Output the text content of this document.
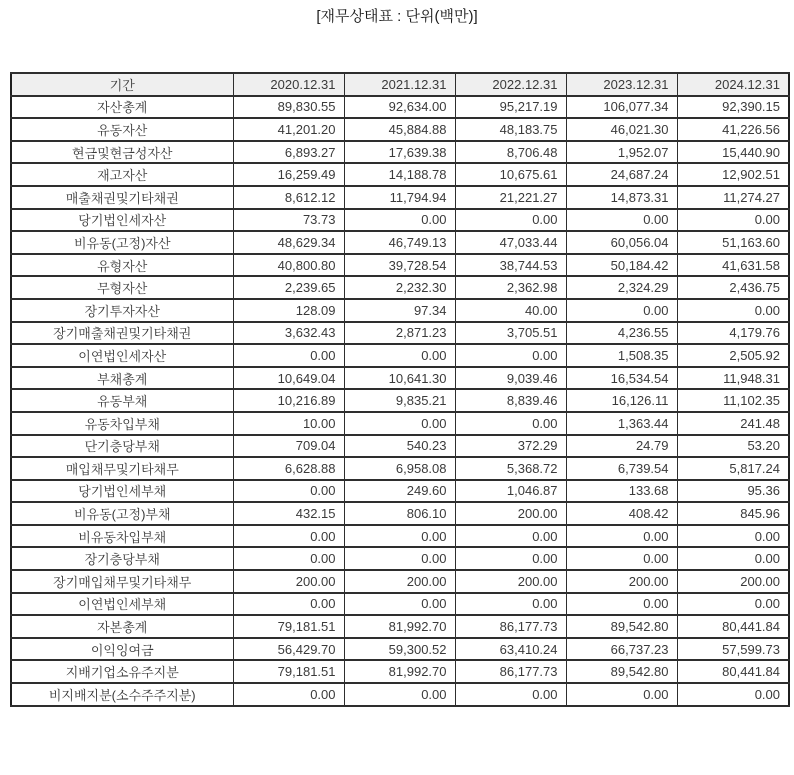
[재무상태표 : 단위(백만)]
기간	2020.12.31	2021.12.31	2022.12.31	2023.12.31	2024.12.31
자산총계	89,830.55	92,634.00	95,217.19	106,077.34	92,390.15
유동자산	41,201.20	45,884.88	48,183.75	46,021.30	41,226.56
현금및현금성자산	6,893.27	17,639.38	8,706.48	1,952.07	15,440.90
재고자산	16,259.49	14,188.78	10,675.61	24,687.24	12,902.51
매출채권및기타채권	8,612.12	11,794.94	21,221.27	14,873.31	11,274.27
당기법인세자산	73.73	0.00	0.00	0.00	0.00
비유동(고정)자산	48,629.34	46,749.13	47,033.44	60,056.04	51,163.60
유형자산	40,800.80	39,728.54	38,744.53	50,184.42	41,631.58
무형자산	2,239.65	2,232.30	2,362.98	2,324.29	2,436.75
장기투자자산	128.09	97.34	40.00	0.00	0.00
장기매출채권및기타채권	3,632.43	2,871.23	3,705.51	4,236.55	4,179.76
이연법인세자산	0.00	0.00	0.00	1,508.35	2,505.92
부채총계	10,649.04	10,641.30	9,039.46	16,534.54	11,948.31
유동부채	10,216.89	9,835.21	8,839.46	16,126.11	11,102.35
유동차입부채	10.00	0.00	0.00	1,363.44	241.48
단기충당부채	709.04	540.23	372.29	24.79	53.20
매입채무및기타채무	6,628.88	6,958.08	5,368.72	6,739.54	5,817.24
당기법인세부채	0.00	249.60	1,046.87	133.68	95.36
비유동(고정)부채	432.15	806.10	200.00	408.42	845.96
비유동차입부채	0.00	0.00	0.00	0.00	0.00
장기충당부채	0.00	0.00	0.00	0.00	0.00
장기매입채무및기타채무	200.00	200.00	200.00	200.00	200.00
이연법인세부채	0.00	0.00	0.00	0.00	0.00
자본총계	79,181.51	81,992.70	86,177.73	89,542.80	80,441.84
이익잉여금	56,429.70	59,300.52	63,410.24	66,737.23	57,599.73
지배기업소유주지분	79,181.51	81,992.70	86,177.73	89,542.80	80,441.84
비지배지분(소수주주지분)	0.00	0.00	0.00	0.00	0.00
